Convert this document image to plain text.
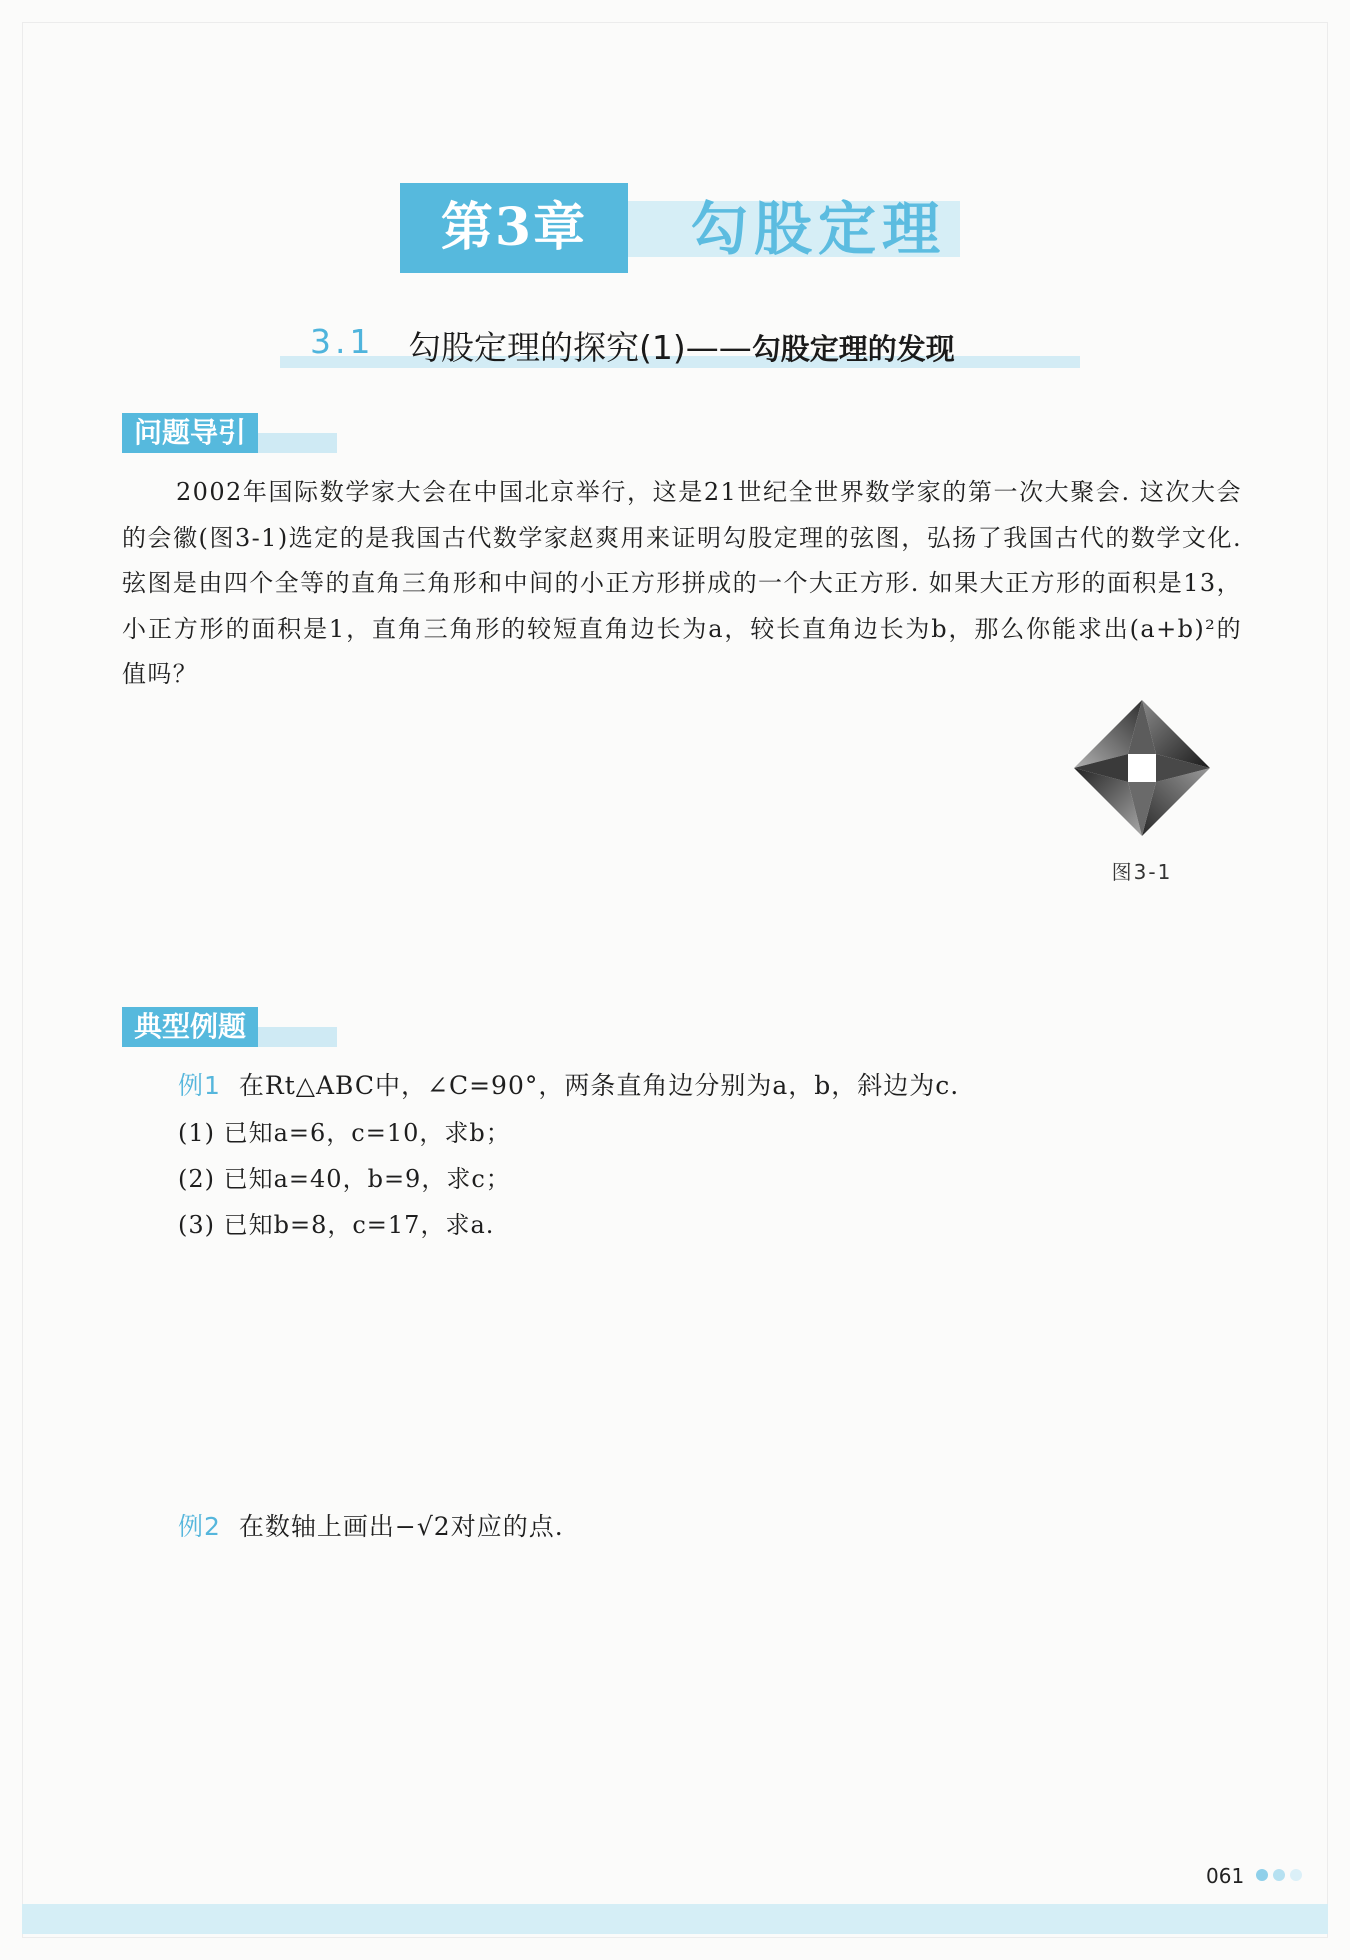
第3章	勾股定理
3.1 勾股定理的探究(1)——勾股定理的发现
问题导引

2002年国际数学家大会在中国北京举行，这是21世纪全世界数学家的第一次大聚会. 这次大会的会徽(图3-1)选定的是我国古代数学家赵爽用来证明勾股定理的弦图，弘扬了我国古代的数学文化. 弦图是由四个全等的直角三角形和中间的小正方形拼成的一个大正方形. 如果大正方形的面积是13，小正方形的面积是1，直角三角形的较短直角边长为a，较长直角边长为b，那么你能求出(a+b)²的值吗？

图3-1
典型例题
例1 在Rt△ABC中，∠C=90°，两条直角边分别为a，b，斜边为c.
(1) 已知a=6，c=10，求b；
(2) 已知a=40，b=9，求c；
(3) 已知b=8，c=17，求a.
例2 在数轴上画出−√2对应的点.
061
